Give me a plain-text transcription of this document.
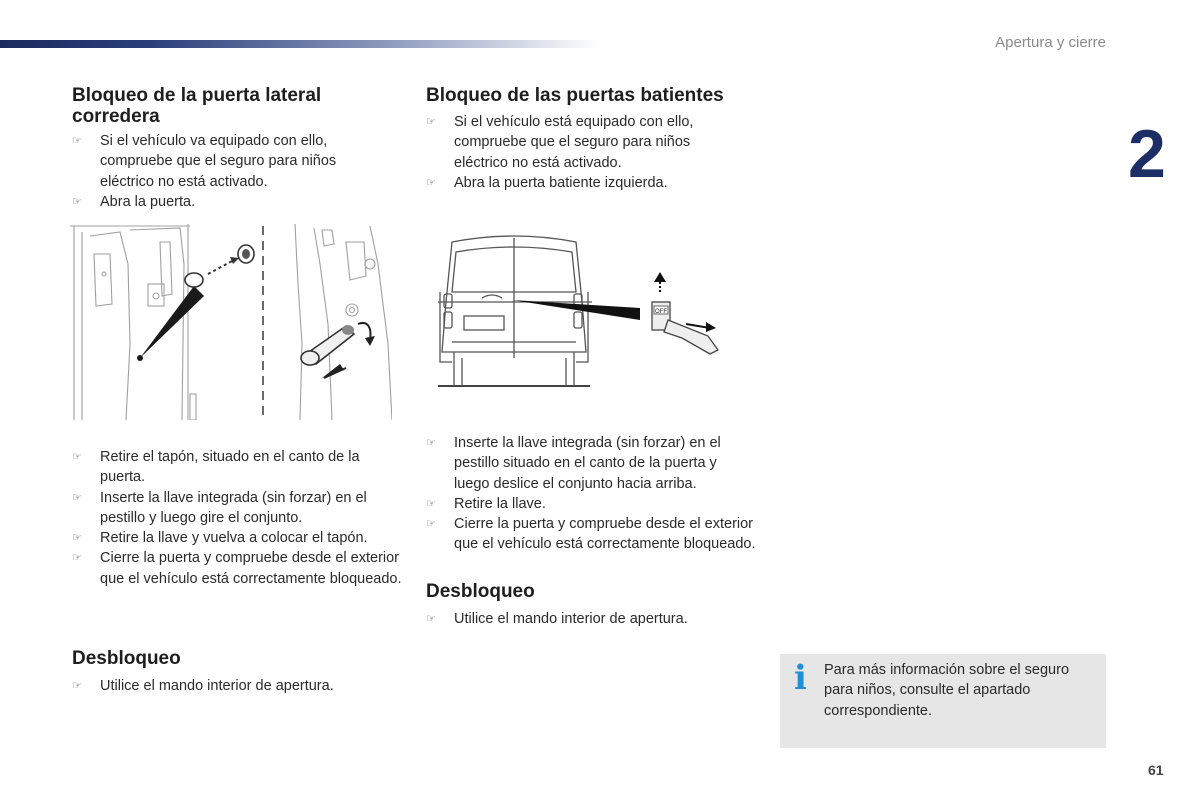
Apertura y cierre
2
Bloqueo de la puerta lateral corredera
☞ Si el vehículo va equipado con ello, compruebe que el seguro para niños eléctrico no está activado.
☞ Abra la puerta.
☞ Retire el tapón, situado en el canto de la puerta.
☞ Inserte la llave integrada (sin forzar) en el pestillo y luego gire el conjunto.
☞ Retire la llave y vuelva a colocar el tapón.
☞ Cierre la puerta y compruebe desde el exterior que el vehículo está correctamente bloqueado.
Desbloqueo
☞ Utilice el mando interior de apertura.
Bloqueo de las puertas batientes
☞ Si el vehículo está equipado con ello, compruebe que el seguro para niños eléctrico no está activado.
☞ Abra la puerta batiente izquierda.
OFF
☞ Inserte la llave integrada (sin forzar) en el pestillo situado en el canto de la puerta y luego deslice el conjunto hacia arriba.
☞ Retire la llave.
☞ Cierre la puerta y compruebe desde el exterior que el vehículo está correctamente bloqueado.
Desbloqueo
☞ Utilice el mando interior de apertura.
i Para más información sobre el seguro para niños, consulte el apartado correspondiente.
61
